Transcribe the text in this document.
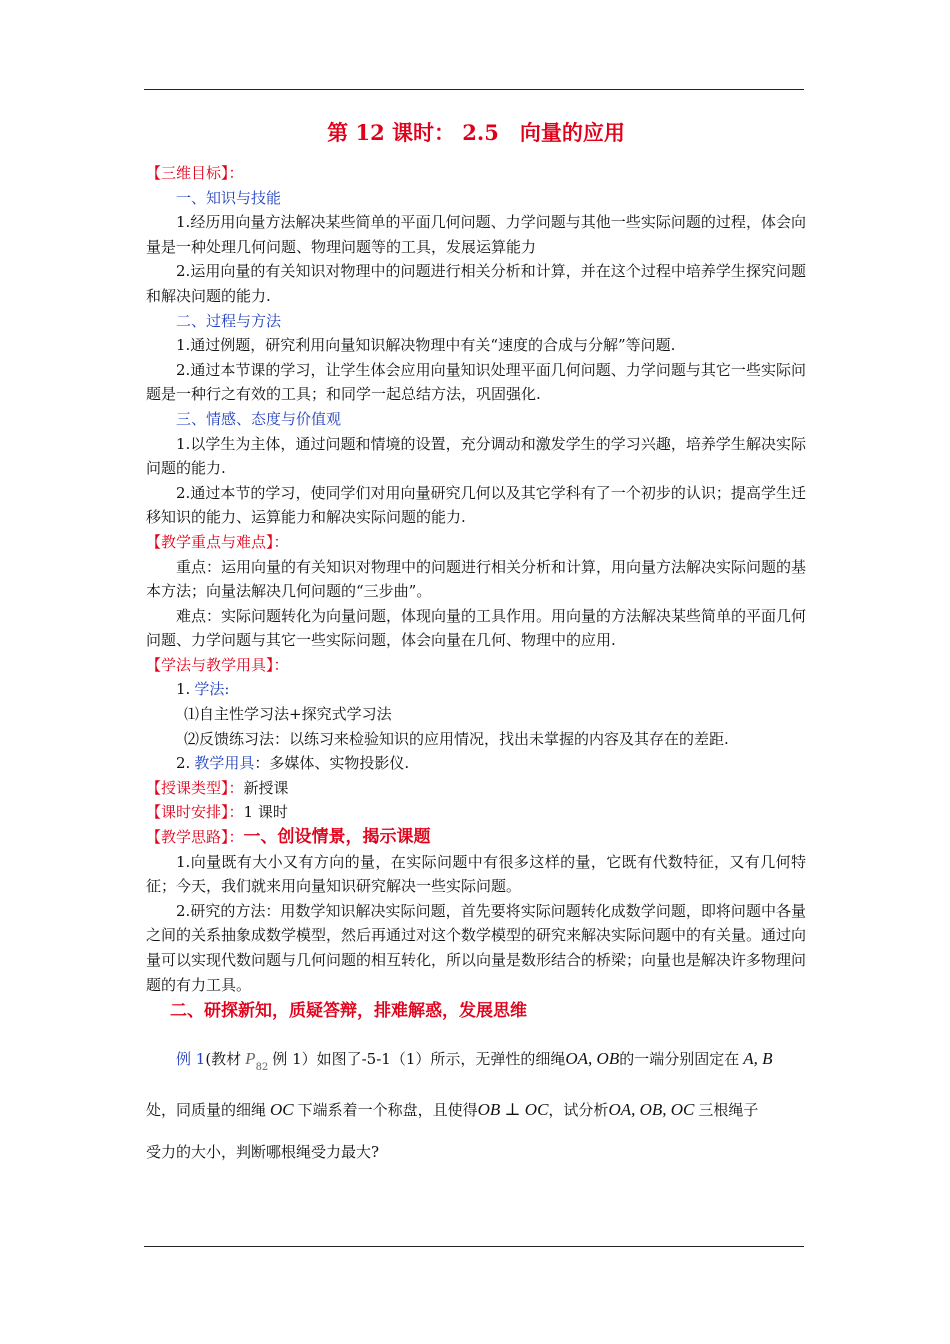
第 12 课时： 2.5　向量的应用
【三维目标】：
一、知识与技能
1.经历用向量方法解决某些简单的平面几何问题、力学问题与其他一些实际问题的过程，体会向量是一种处理几何问题、物理问题等的工具，发展运算能力
2.运用向量的有关知识对物理中的问题进行相关分析和计算，并在这个过程中培养学生探究问题和解决问题的能力.
二、过程与方法
1.通过例题，研究利用向量知识解决物理中有关“速度的合成与分解”等问题.
2.通过本节课的学习，让学生体会应用向量知识处理平面几何问题、力学问题与其它一些实际问题是一种行之有效的工具；和同学一起总结方法，巩固强化.
三、情感、态度与价值观
1.以学生为主体，通过问题和情境的设置，充分调动和激发学生的学习兴趣，培养学生解决实际问题的能力.
2.通过本节的学习，使同学们对用向量研究几何以及其它学科有了一个初步的认识；提高学生迁移知识的能力、运算能力和解决实际问题的能力.
【教学重点与难点】：
重点：运用向量的有关知识对物理中的问题进行相关分析和计算，用向量方法解决实际问题的基本方法；向量法解决几何问题的“三步曲”。
难点：实际问题转化为向量问题，体现向量的工具作用。用向量的方法解决某些简单的平面几何问题、力学问题与其它一些实际问题，体会向量在几何、物理中的应用.
【学法与教学用具】：
1. 学法:
⑴自主性学习法+探究式学习法
⑵反馈练习法：以练习来检验知识的应用情况，找出未掌握的内容及其存在的差距.
2. 教学用具：多媒体、实物投影仪.
【授课类型】：新授课
【课时安排】：1 课时
【教学思路】：一、创设情景，揭示课题
1.向量既有大小又有方向的量，在实际问题中有很多这样的量，它既有代数特征，又有几何特征；今天，我们就来用向量知识研究解决一些实际问题。
2.研究的方法：用数学知识解决实际问题，首先要将实际问题转化成数学问题，即将问题中各量之间的关系抽象成数学模型，然后再通过对这个数学模型的研究来解决实际问题中的有关量。通过向量可以实现代数问题与几何问题的相互转化，所以向量是数形结合的桥梁；向量也是解决许多物理问题的有力工具。
二、研探新知，质疑答辩，排难解惑，发展思维
例 1(教材 $P_{82}$ 例 1）如图了-5-1（1）所示，无弹性的细绳OA, OB的一端分别固定在 A, B
处，同质量的细绳 OC 下端系着一个称盘，且使得OB ⊥ OC，试分析OA, OB, OC 三根绳子
受力的大小，判断哪根绳受力最大?
